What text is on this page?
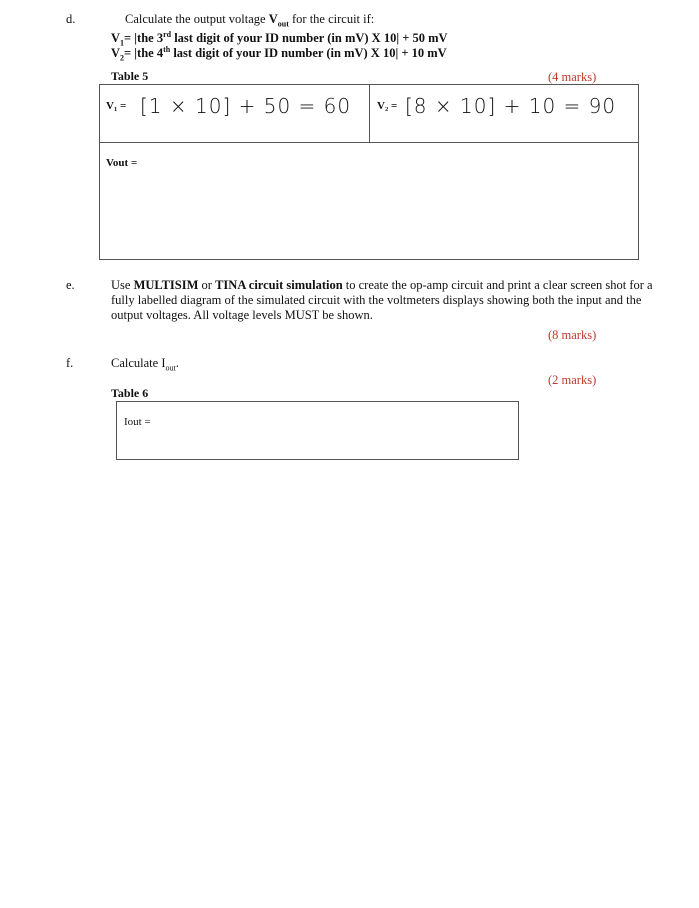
d.	Calculate the output voltage $V_{out}$ for the circuit if:
$V_1= |the$ 3rd last digit of your ID number (in mV) X 10| + 50 mV
$V_2= |the$ 4th last digit of your ID number (in mV) X 10| + 10 mV
Table 5	(4 marks)
V₁ = [1 × 10] + 50 = 60 V₂ = [8 × 10] + 10 = 90
Vout =
e.	Use MULTISIM or TINA circuit simulation to create the op-amp circuit and print a clear screen shot for a
fully labelled diagram of the simulated circuit with the voltmeters displays showing both the input and the
output voltages. All voltage levels MUST be shown.
(8 marks)
f.	Calculate $I_{out}$.
(2 marks)
Table 6
Iout =
